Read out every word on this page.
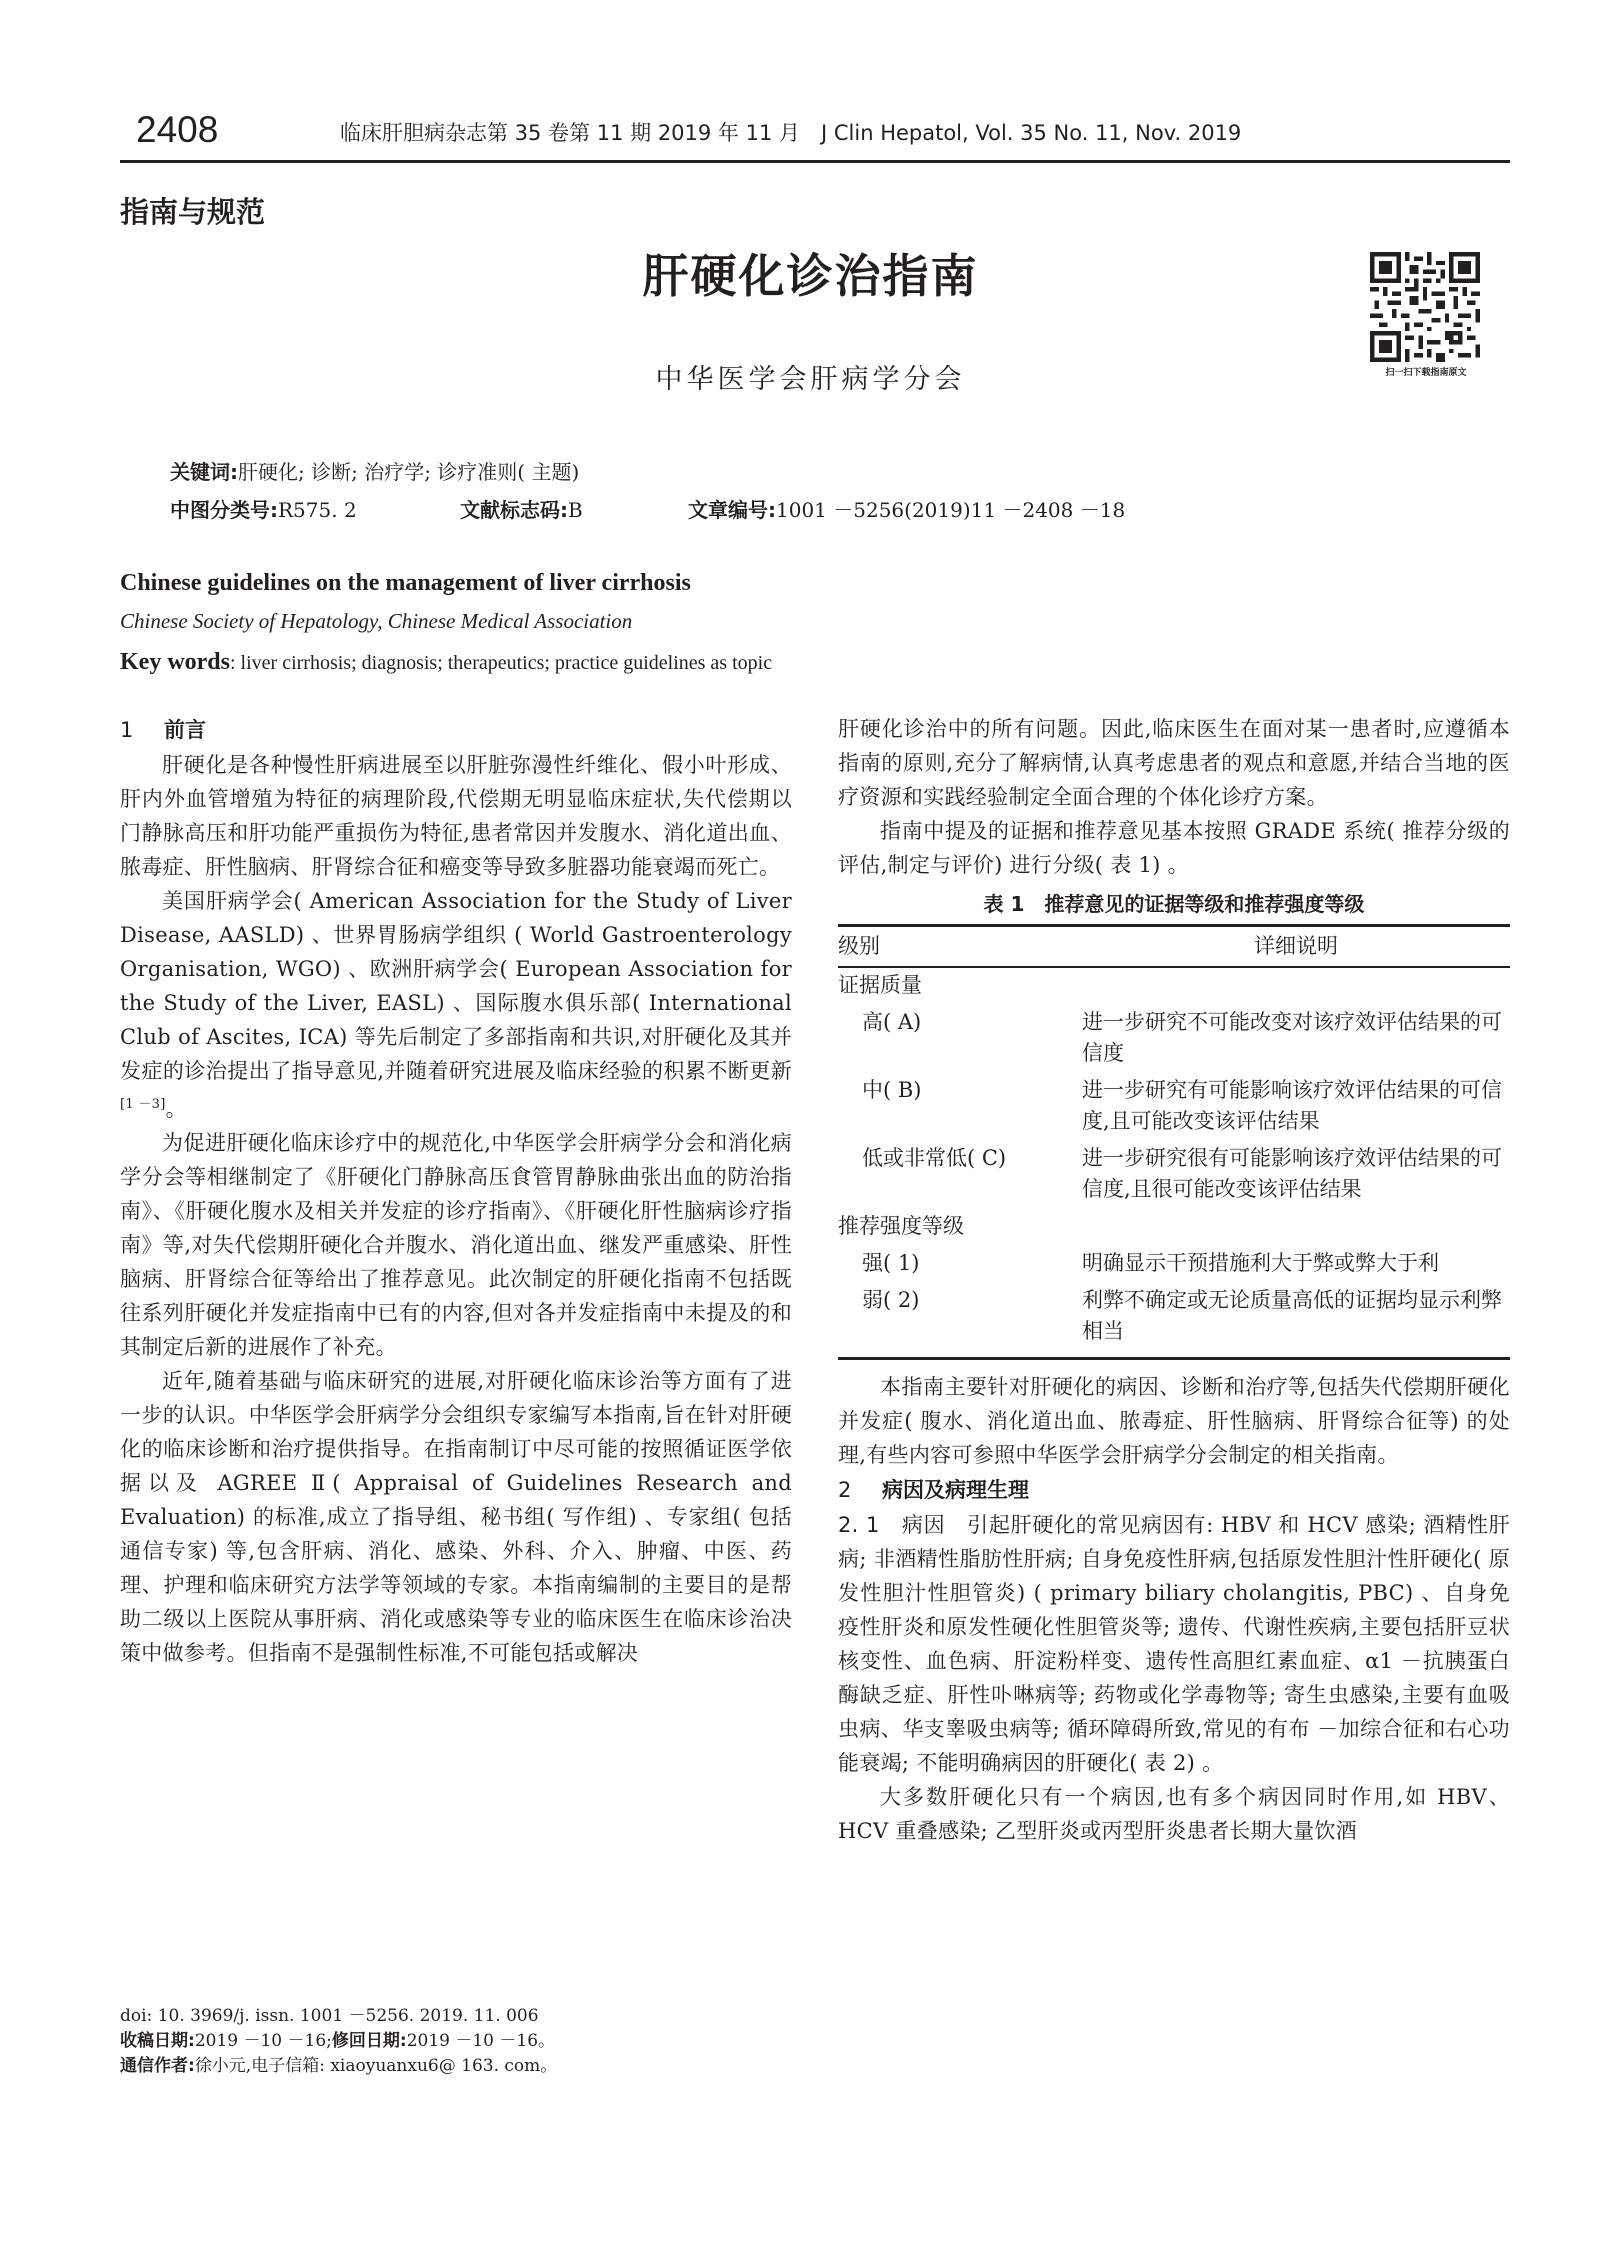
2408	临床肝胆病杂志第 35 卷第 11 期 2019 年 11 月　J Clin Hepatol, Vol. 35 No. 11, Nov. 2019
指南与规范
肝硬化诊治指南
中华医学会肝病学分会	扫一扫下载指南原文
关键词:肝硬化; 诊断; 治疗学; 诊疗准则( 主题)
中图分类号:R575. 2	文献标志码:B	文章编号:1001 －5256(2019)11 －2408 －18
Chinese guidelines on the management of liver cirrhosis
Chinese Society of Hepatology, Chinese Medical Association
Key words: liver cirrhosis; diagnosis; therapeutics; practice guidelines as topic

1 前言

肝硬化是各种慢性肝病进展至以肝脏弥漫性纤维化、假小叶形成、肝内外血管增殖为特征的病理阶段,代偿期无明显临床症状,失代偿期以门静脉高压和肝功能严重损伤为特征,患者常因并发腹水、消化道出血、脓毒症、肝性脑病、肝肾综合征和癌变等导致多脏器功能衰竭而死亡。

美国肝病学会( American Association for the Study of Liver Disease, AASLD) 、世界胃肠病学组织 ( World Gastroenterology Organisation, WGO) 、欧洲肝病学会( European Association for the Study of the Liver, EASL) 、国际腹水俱乐部( International Club of Ascites, ICA) 等先后制定了多部指南和共识,对肝硬化及其并发症的诊治提出了指导意见,并随着研究进展及临床经验的积累不断更新[1 －3]。

为促进肝硬化临床诊疗中的规范化,中华医学会肝病学分会和消化病学分会等相继制定了《肝硬化门静脉高压食管胃静脉曲张出血的防治指南》、《肝硬化腹水及相关并发症的诊疗指南》、《肝硬化肝性脑病诊疗指南》等,对失代偿期肝硬化合并腹水、消化道出血、继发严重感染、肝性脑病、肝肾综合征等给出了推荐意见。此次制定的肝硬化指南不包括既往系列肝硬化并发症指南中已有的内容,但对各并发症指南中未提及的和其制定后新的进展作了补充。

近年,随着基础与临床研究的进展,对肝硬化临床诊治等方面有了进一步的认识。中华医学会肝病学分会组织专家编写本指南,旨在针对肝硬化的临床诊断和治疗提供指导。在指南制订中尽可能的按照循证医学依据以及 AGREE Ⅱ( Appraisal of Guidelines Research and Evaluation) 的标准,成立了指导组、秘书组( 写作组) 、专家组( 包括通信专家) 等,包含肝病、消化、感染、外科、介入、肿瘤、中医、药理、护理和临床研究方法学等领域的专家。本指南编制的主要目的是帮助二级以上医院从事肝病、消化或感染等专业的临床医生在临床诊治决策中做参考。但指南不是强制性标准,不可能包括或解决

肝硬化诊治中的所有问题。因此,临床医生在面对某一患者时,应遵循本指南的原则,充分了解病情,认真考虑患者的观点和意愿,并结合当地的医疗资源和实践经验制定全面合理的个体化诊疗方案。

指南中提及的证据和推荐意见基本按照 GRADE 系统( 推荐分级的评估,制定与评价) 进行分级( 表 1) 。

表 1　推荐意见的证据等级和推荐强度等级
级别	详细说明
证据质量	
高( A)	进一步研究不可能改变对该疗效评估结果的可信度
中( B)	进一步研究有可能影响该疗效评估结果的可信度,且可能改变该评估结果
低或非常低( C)	进一步研究很有可能影响该疗效评估结果的可信度,且很可能改变该评估结果
推荐强度等级	
强( 1)	明确显示干预措施利大于弊或弊大于利
弱( 2)	利弊不确定或无论质量高低的证据均显示利弊相当

本指南主要针对肝硬化的病因、诊断和治疗等,包括失代偿期肝硬化并发症( 腹水、消化道出血、脓毒症、肝性脑病、肝肾综合征等) 的处理,有些内容可参照中华医学会肝病学分会制定的相关指南。

2 病因及病理生理

2. 1　 病因　 引起肝硬化的常见病因有: HBV 和 HCV 感染; 酒精性肝病; 非酒精性脂肪性肝病; 自身免疫性肝病,包括原发性胆汁性肝硬化( 原发性胆汁性胆管炎) ( primary biliary cholangitis, PBC) 、自身免疫性肝炎和原发性硬化性胆管炎等; 遗传、代谢性疾病,主要包括肝豆状核变性、血色病、肝淀粉样变、遗传性高胆红素血症、α1 －抗胰蛋白酶缺乏症、肝性卟啉病等; 药物或化学毒物等; 寄生虫感染,主要有血吸虫病、华支睾吸虫病等; 循环障碍所致,常见的有布 －加综合征和右心功能衰竭; 不能明确病因的肝硬化( 表 2) 。

大多数肝硬化只有一个病因,也有多个病因同时作用,如 HBV、HCV 重叠感染; 乙型肝炎或丙型肝炎患者长期大量饮酒

doi: 10. 3969/j. issn. 1001 －5256. 2019. 11. 006
收稿日期:2019 －10 －16;修回日期:2019 －10 －16。
通信作者:徐小元,电子信箱: xiaoyuanxu6@ 163. com。
